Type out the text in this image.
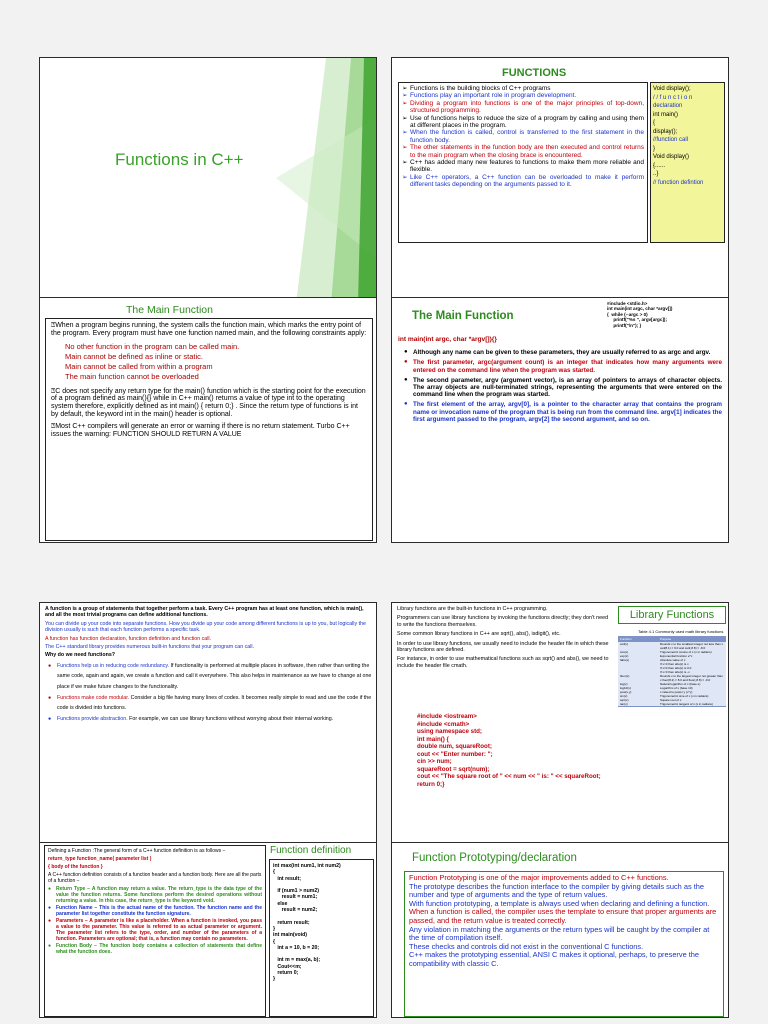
Functions in C++
FUNCTIONS
➢ Functions is the building blocks of C++ programs
➢ Functions play an important role in program development.
➢ Dividing a program into functions is one of the major principles of top-down, structured programming.
➢ Use of functions helps to reduce the size of a program by calling and using them at different places in the program.
➢ When the function is called, control is transferred to the first statement in the function body.
➢ The other statements in the function body are then executed and control returns to the main program when the closing brace is encountered.
➢ C++ has added many new features to functions to make them more reliable and flexible.
➢ Like C++ operators, a C++ function can be overloaded to make it perform different tasks depending on the arguments passed to it.
Void display();
/ / f u n c t i o n declaration
int main()
{
display();
//function call
}
Void display()
{......
..}
// function defintion
The Main Function

⍰When a program begins running, the system calls the function main, which marks the entry point of the program. Every program must have one function named main, and the following constraints apply:

No other function in the program can be called main.
Main cannot be defined as inline or static.
Main cannot be called from within a program
The main function cannot be overloaded

⍰C does not specify any return type for the main() function which is the starting point for the execution of a program defined as main(){} while in C++ main() returns a value of type int to the operating system therefore, explicitly defined as int main() { return 0;} . Since the return type of functions is int by default, the keyword int in the main() header is optional.

⍰Most C++ compilers will generate an error or warning if there is no return statement. Turbo C++ issues the warning: FUNCTION SHOULD RETURN A VALUE

The Main Function
#include <stdio.h>
int main(int argc, char *argv[])
{  while (--argc > 0)
printf("%s ", argv[argc]);
printf("\n"); }
int main(int argc, char *argv[]){}
● Although any name can be given to these parameters, they are usually referred to as argc and argv.
● The first parameter, argc(argument count) is an integer that indicates how many arguments were entered on the command line when the program was started.
● The second parameter, argv (argument vector), is an array of pointers to arrays of character objects. The array objects are null-terminated strings, representing the arguments that were entered on the command line when the program was started.
● The first element of the array, argv[0], is a pointer to the character array that contains the program name or invocation name of the program that is being run from the command line. argv[1] indicates the first argument passed to the program, argv[2] the second argument, and so on.

A function is a group of statements that together perform a task. Every C++ program has at least one function, which is main(), and all the most trivial programs can define additional functions.

You can divide up your code into separate functions. How you divide up your code among different functions is up to you, but logically the division usually is such that each function performs a specific task.

A function has function declaration, function definition and function call.

The C++ standard library provides numerous built-in functions that your program can call.

Why do we need functions?

●	Functions help us in reducing code redundancy. If functionality is performed at multiple places in software, then rather than writing the same code, again and again, we create a function and call it everywhere. This also helps in maintenance as we have to change at one place if we make future changes to the functionality.
●	Functions make code modular. Consider a big file having many lines of codes. It becomes really simple to read and use the code if the code is divided into functions.
●	Functions provide abstraction. For example, we can use library functions without worrying about their internal working.

Library functions are the built-in functions in C++ programming.

Programmers can use library functions by invoking the functions directly; they don't need to write the functions themselves.

Some common library functions in C++ are sqrt(), abs(), isdigit(), etc.

In order to use library functions, we usually need to include the header file in which these library functions are defined.

For instance, in order to use mathematical functions such as sqrt() and abs(), we need to include the header file cmath.

#include <iostream>
#include <cmath>
using namespace std;
int main() {
double num, squareRoot;
cout << "Enter number: ";
cin >> num;
squareRoot = sqrt(num);
cout << "The square root of " << num << " is: " << squareRoot;
return 0;}
Library Functions
Table 4.1 Commonly used math library functions
Function	Purpose
ceil(x)	Rounds x to the smallest integer not less than x ceil(8.1) = 9.0 and ceil(-8.8) = -8.0
cos(x)	Trigonometric cosine of x (x in radians)
exp(x)	Exponential function e^x
fabs(x)	Absolute value of x
If x>0 then abs(x) is x
If x=0 then abs(x) is 0.0
If x<0 then abs(x) is -x
floor(x)	Rounds x to the largest integer not greater than x floor(8.2) = 8.0 and floor(-8.8) = -9.0
log(x)	Natural logarithm of x (base e)
log10(x)	Logarithm of x (base 10)
pow(x,y)	x raised to power y (x^y)
sin(x)	Trigonometric sine of x (x in radians)
sqrt(x)	Square root of x
tan(x)	Trigonometric tangent of x (x in radians)

Defining a Function :The general form of a C++ function definition is as follows −

return_type function_name( parameter list )

{ body of the function }

A C++ function definition consists of a function header and a function body. Here are all the parts of a function −

● Return Type − A function may return a value. The return_type is the data type of the value the function returns. Some functions perform the desired operations without returning a value. In this case, the return_type is the keyword void.
● Function Name − This is the actual name of the function. The function name and the parameter list together constitute the function signature.
● Parameters − A parameter is like a placeholder. When a function is invoked, you pass a value to the parameter. This value is referred to as actual parameter or argument. The parameter list refers to the type, order, and number of the parameters of a function. Parameters are optional; that is, a function may contain no parameters.
● Function Body − The function body contains a collection of statements that define what the function does.
Function definition
int max(int num1, int num2)
{
int result;

if (num1 > num2)
result = num1;
else
result = num2;

return result;
}
int main(void)
{
int a = 10, b = 20;

int m = max(a, b);
Cout<<m;
return 0;
}
Function Prototyping/declaration

Function Prototyping is one of the major improvements added to C++ functions.

The prototype describes the function interface to the compiler by giving details such as the number and type of arguments and the type of return values.

With function prototyping, a template is always used when declaring and defining a function.

When a function is called, the compiler uses the template to ensure that proper arguments are passed, and the return value is treated correctly.

Any violation in matching the arguments or the return types will be caught by the compiler at the time of compilation itself.

These checks and controls did not exist in the conventional C functions.

C++ makes the prototyping essential, ANSI C makes it optional, perhaps, to preserve the compatibility with classic C.
